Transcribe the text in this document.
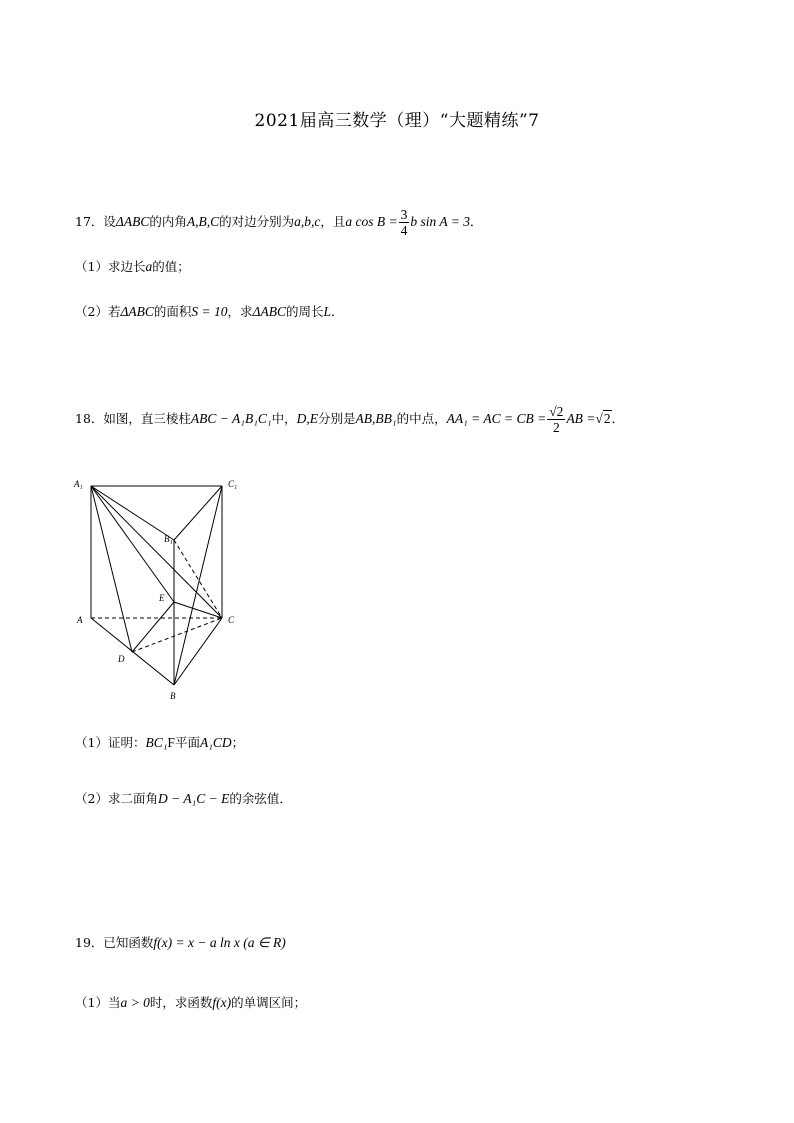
2021届高三数学（理）“大题精练”7
17．设ΔABC的内角A,B,C的对边分别为a,b,c，且a $\cos B = \frac{3}{4}$ b sin A = 3．
（1）求边长a的值；
（2）若ΔABC的面积S = 10，求ΔABC的周长L．
18．如图，直三棱柱ABC − A₁B₁C₁中，D,E分别是AB,BB₁的中点，AA₁ = AC = CB = $\frac{√2}{2}$ AB =√2．
A₁	C₁
B₁
A	C
E
D
B
（1）证明：BC₁F平面A₁CD；
（2）求二面角D − A₁C − E的余弦值．
19．已知函数f(x) = x − a ln x (a ∈ R)
（1）当a > 0时，求函数f(x)的单调区间；
